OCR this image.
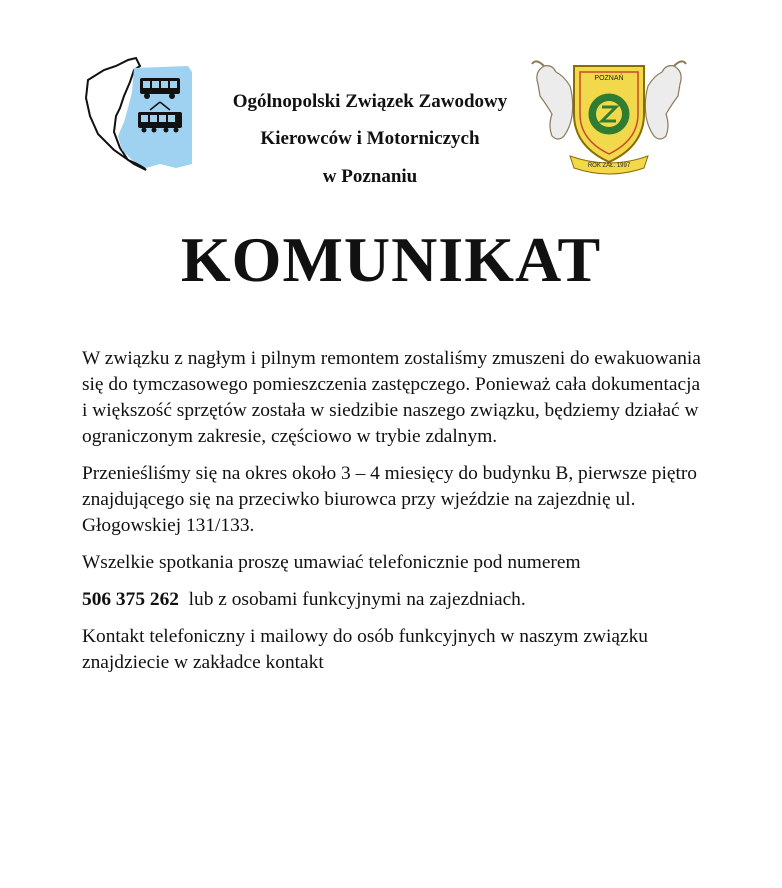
Ogólnopolski Związek Zawodowy
Kierowców i Motorniczych
w Poznaniu
POZNAŃ
ROK ZAŁ. 1997
KOMUNIKAT

W związku z nagłym i pilnym remontem zostaliśmy zmuszeni do ewakuowania się do tymczasowego pomieszczenia zastępczego. Ponieważ cała dokumentacja i większość sprzętów została w siedzibie naszego związku, będziemy działać w ograniczonym zakresie, częściowo w trybie zdalnym.

Przenieśliśmy się na okres około 3 – 4 miesięcy do budynku B, pierwsze piętro znajdującego się na przeciwko biurowca przy wjeździe na zajezdnię ul. Głogowskiej 131/133.

Wszelkie spotkania proszę umawiać telefonicznie pod numerem

506 375 262 lub z osobami funkcyjnymi na zajezdniach.

Kontakt telefoniczny i mailowy do osób funkcyjnych w naszym związku znajdziecie w zakładce kontakt
